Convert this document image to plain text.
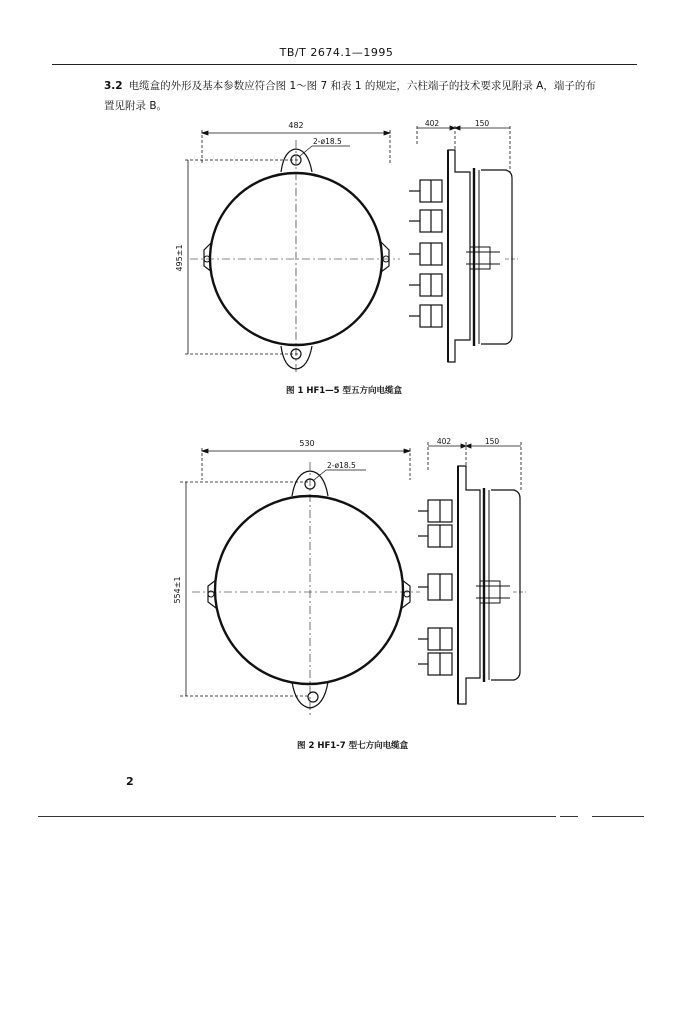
TB/T 2674.1—1995
3.2 电缆盒的外形及基本参数应符合图 1～图 7 和表 1 的规定，六柱端子的技术要求见附录 A，端子的布置见附录 B。
482
495±1
2-ø18.5
402	150
图 1 HF1—5 型五方向电缆盒
530
554±1
2-ø18.5
402	150
图 2 HF1-7 型七方向电缆盒
2
